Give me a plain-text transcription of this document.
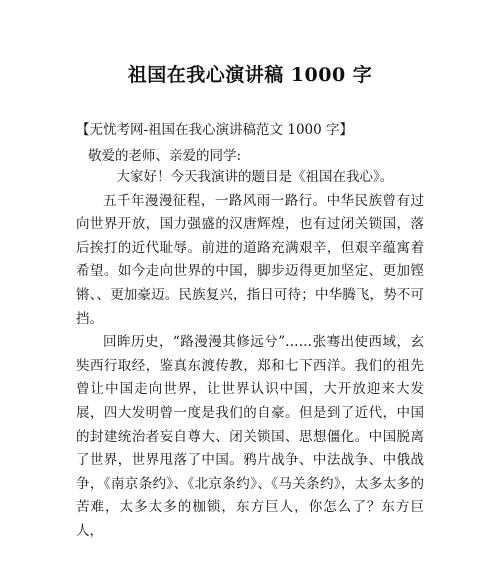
祖国在我心演讲稿 1000 字
【无忧考网-祖国在我心演讲稿范文 1000 字】
敬爱的老师、亲爱的同学:

大家好！今天我演讲的题目是《祖国在我心》。

五千年漫漫征程，一路风雨一路行。中华民族曾有过向世界开放，国力强盛的汉唐辉煌，也有过闭关锁国，落后挨打的近代耻辱。前进的道路充满艰辛，但艰辛蕴寓着希望。如今走向世界的中国，脚步迈得更加坚定、更加铿锵、、更加豪迈。民族复兴，指日可待；中华腾飞，势不可挡。

回眸历史，“路漫漫其修远兮”……张骞出使西域，玄奘西行取经，鉴真东渡传教，郑和七下西洋。我们的祖先曾让中国走向世界，让世界认识中国，大开放迎来大发展，四大发明曾一度是我们的自豪。但是到了近代，中国的封建统治者妄自尊大、闭关锁国、思想僵化。中国脱离了世界，世界甩落了中国。鸦片战争、中法战争、中俄战争，《南京条约》、《北京条约》、《马关条约》，太多太多的苦难，太多太多的枷锁，东方巨人，你怎么了？东方巨人，
